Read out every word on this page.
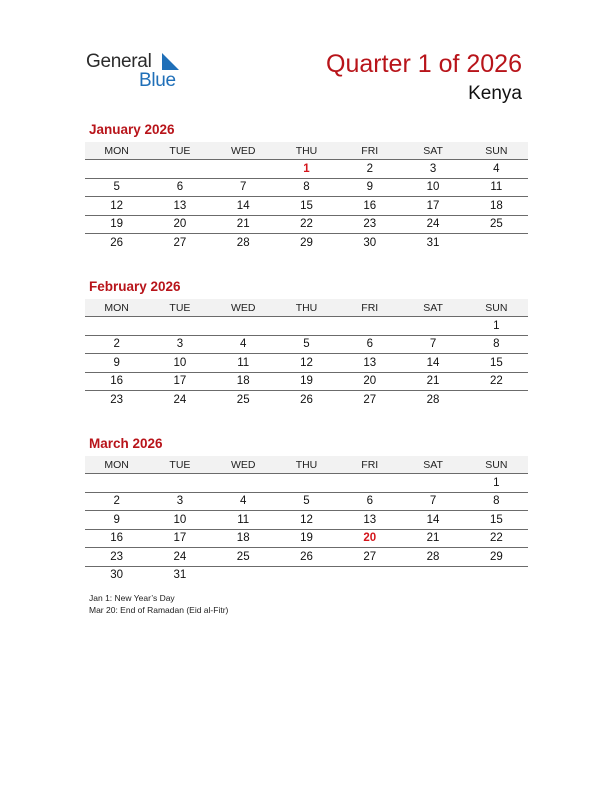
General
Blue
Quarter 1 of 2026
Kenya
January 2026
MON	TUE	WED	THU	FRI	SAT	SUN
			1	2	3	4
5	6	7	8	9	10	11
12	13	14	15	16	17	18
19	20	21	22	23	24	25
26	27	28	29	30	31	
February 2026
MON	TUE	WED	THU	FRI	SAT	SUN
						1
2	3	4	5	6	7	8
9	10	11	12	13	14	15
16	17	18	19	20	21	22
23	24	25	26	27	28	
March 2026
MON	TUE	WED	THU	FRI	SAT	SUN
						1
2	3	4	5	6	7	8
9	10	11	12	13	14	15
16	17	18	19	20	21	22
23	24	25	26	27	28	29
30	31					
Jan 1: New Year’s Day
Mar 20: End of Ramadan (Eid al-Fitr)
